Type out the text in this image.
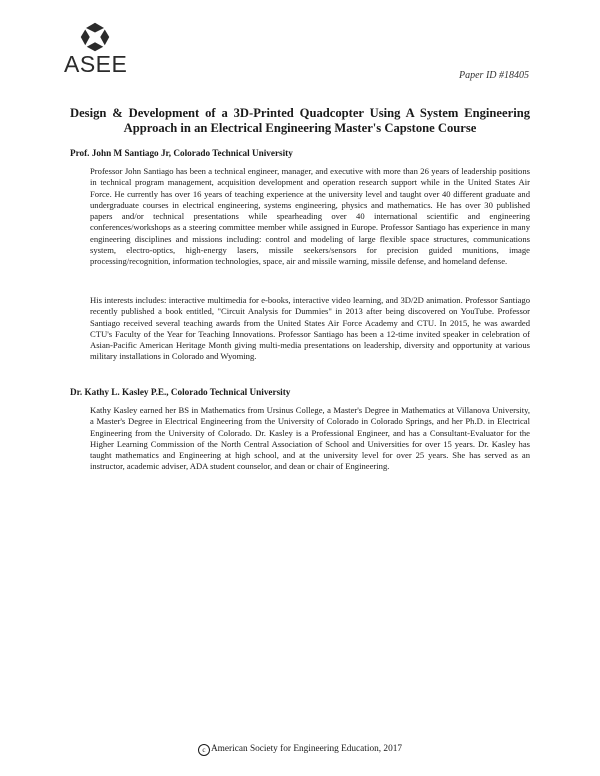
ASEE	Paper ID #18405
Design & Development of a 3D-Printed Quadcopter Using A System Engineering Approach in an Electrical Engineering Master's Capstone Course

Prof. John M Santiago Jr, Colorado Technical University

Professor John Santiago has been a technical engineer, manager, and executive with more than 26 years of leadership positions in technical program management, acquisition development and operation research support while in the United States Air Force. He currently has over 16 years of teaching experience at the university level and taught over 40 different graduate and undergraduate courses in electrical engineering, systems engineering, physics and mathematics. He has over 30 published papers and/or technical presentations while spearheading over 40 international scientific and engineering conferences/workshops as a steering committee member while assigned in Europe. Professor Santiago has experience in many engineering disciplines and missions including: control and modeling of large flexible space structures, communications system, electro-optics, high-energy lasers, missile seekers/sensors for precision guided munitions, image processing/recognition, information technologies, space, air and missile warning, missile defense, and homeland defense.

His interests includes: interactive multimedia for e-books, interactive video learning, and 3D/2D animation. Professor Santiago recently published a book entitled, "Circuit Analysis for Dummies" in 2013 after being discovered on YouTube. Professor Santiago received several teaching awards from the United States Air Force Academy and CTU. In 2015, he was awarded CTU's Faculty of the Year for Teaching Innovations. Professor Santiago has been a 12-time invited speaker in celebration of Asian-Pacific American Heritage Month giving multi-media presentations on leadership, diversity and opportunity at various military installations in Colorado and Wyoming.

Dr. Kathy L. Kasley P.E., Colorado Technical University

Kathy Kasley earned her BS in Mathematics from Ursinus College, a Master's Degree in Mathematics at Villanova University, a Master's Degree in Electrical Engineering from the University of Colorado in Colorado Springs, and her Ph.D. in Electrical Engineering from the University of Colorado. Dr. Kasley is a Professional Engineer, and has a Consultant-Evaluator for the Higher Learning Commission of the North Central Association of School and Universities for over 15 years. Dr. Kasley has taught mathematics and Engineering at high school, and at the university level for over 25 years. She has served as an instructor, academic adviser, ADA student counselor, and dean or chair of Engineering.

c American Society for Engineering Education, 2017
